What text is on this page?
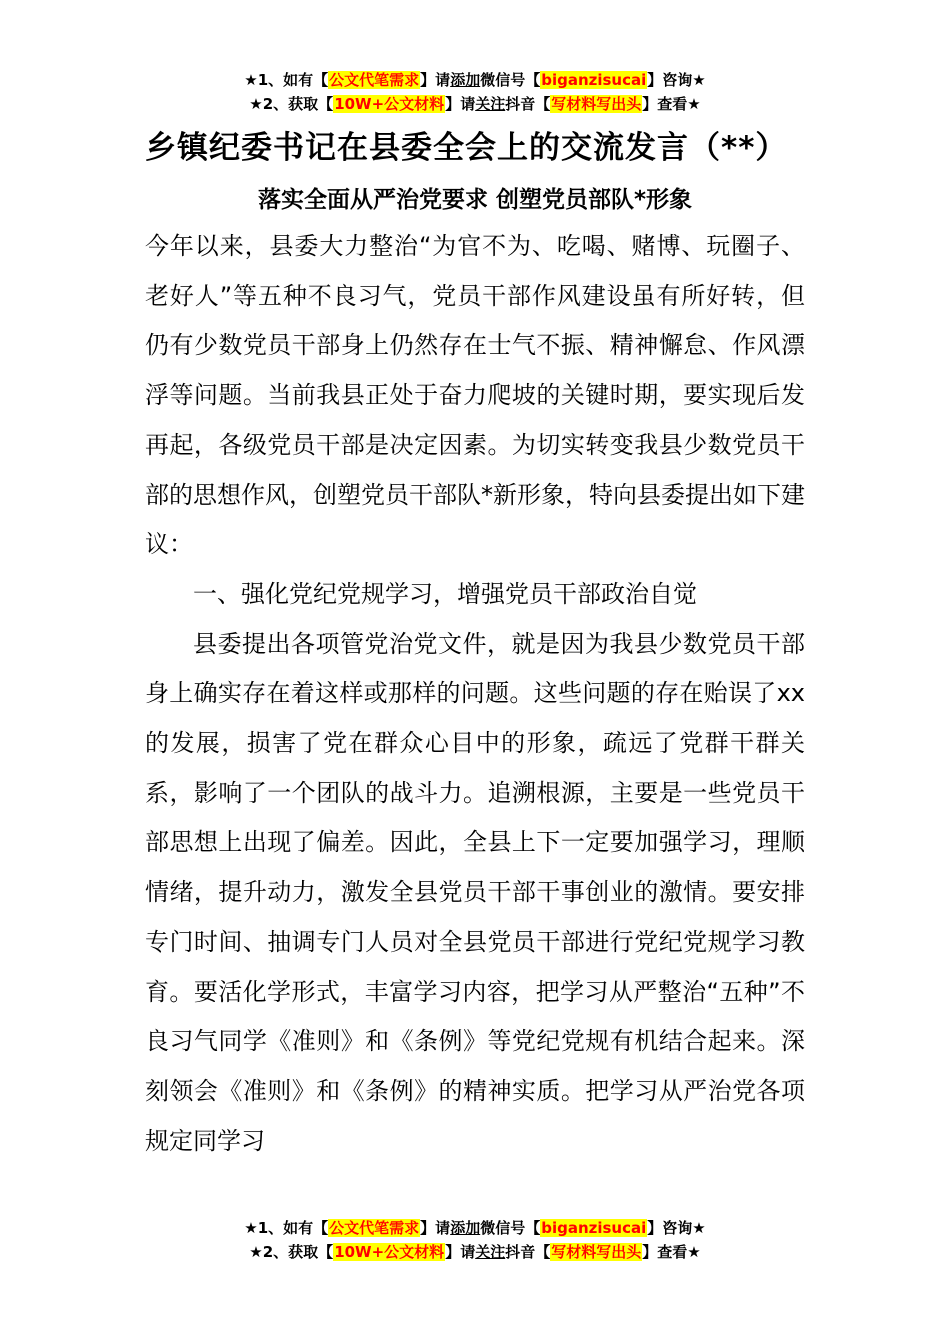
★1、如有【公文代笔需求】请添加微信号【biganzisucai】咨询★
★2、获取【10W+公文材料】请关注抖音【写材料写出头】查看★
乡镇纪委书记在县委全会上的交流发言（**）
落实全面从严治党要求 创塑党员部队*形象

今年以来，县委大力整治“为官不为、吃喝、赌博、玩圈子、老好人”等五种不良习气，党员干部作风建设虽有所好转，但仍有少数党员干部身上仍然存在士气不振、精神懈怠、作风漂浮等问题。当前我县正处于奋力爬坡的关键时期，要实现后发再起，各级党员干部是决定因素。为切实转变我县少数党员干部的思想作风，创塑党员干部队*新形象，特向县委提出如下建议：

一、强化党纪党规学习，增强党员干部政治自觉

县委提出各项管党治党文件，就是因为我县少数党员干部身上确实存在着这样或那样的问题。这些问题的存在贻误了xx的发展，损害了党在群众心目中的形象，疏远了党群干群关系，影响了一个团队的战斗力。追溯根源，主要是一些党员干部思想上出现了偏差。因此，全县上下一定要加强学习，理顺情绪，提升动力，激发全县党员干部干事创业的激情。要安排专门时间、抽调专门人员对全县党员干部进行党纪党规学习教育。要活化学形式，丰富学习内容，把学习从严整治“五种”不良习气同学《准则》和《条例》等党纪党规有机结合起来。深刻领会《准则》和《条例》的精神实质。把学习从严治党各项规定同学习

★1、如有【公文代笔需求】请添加微信号【biganzisucai】咨询★
★2、获取【10W+公文材料】请关注抖音【写材料写出头】查看★
